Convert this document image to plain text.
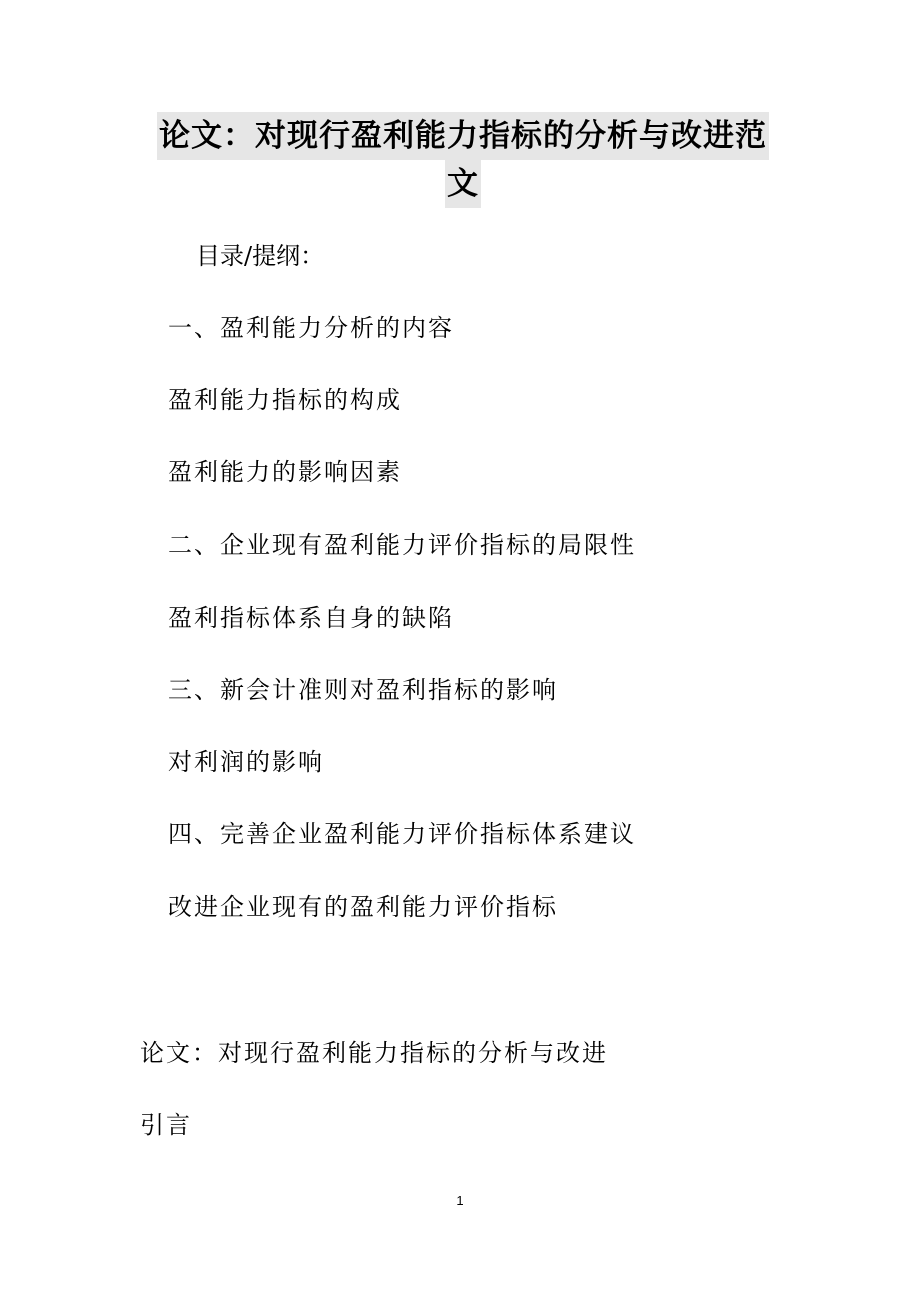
论文：对现行盈利能力指标的分析与改进范
文
目录/提纲：
一、盈利能力分析的内容
盈利能力指标的构成
盈利能力的影响因素
二、企业现有盈利能力评价指标的局限性
盈利指标体系自身的缺陷
三、新会计准则对盈利指标的影响
对利润的影响
四、完善企业盈利能力评价指标体系建议
改进企业现有的盈利能力评价指标
论文：对现行盈利能力指标的分析与改进
引言
1
